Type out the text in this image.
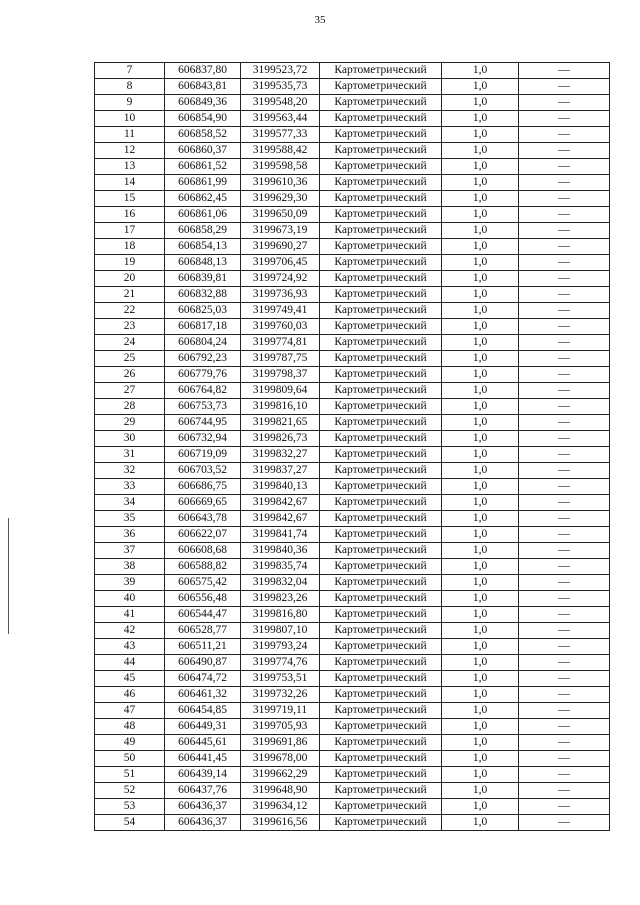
35
7	606837,80	3199523,72	Картометрический	1,0	—
8	606843,81	3199535,73	Картометрический	1,0	—
9	606849,36	3199548,20	Картометрический	1,0	—
10	606854,90	3199563,44	Картометрический	1,0	—
11	606858,52	3199577,33	Картометрический	1,0	—
12	606860,37	3199588,42	Картометрический	1,0	—
13	606861,52	3199598,58	Картометрический	1,0	—
14	606861,99	3199610,36	Картометрический	1,0	—
15	606862,45	3199629,30	Картометрический	1,0	—
16	606861,06	3199650,09	Картометрический	1,0	—
17	606858,29	3199673,19	Картометрический	1,0	—
18	606854,13	3199690,27	Картометрический	1,0	—
19	606848,13	3199706,45	Картометрический	1,0	—
20	606839,81	3199724,92	Картометрический	1,0	—
21	606832,88	3199736,93	Картометрический	1,0	—
22	606825,03	3199749,41	Картометрический	1,0	—
23	606817,18	3199760,03	Картометрический	1,0	—
24	606804,24	3199774,81	Картометрический	1,0	—
25	606792,23	3199787,75	Картометрический	1,0	—
26	606779,76	3199798,37	Картометрический	1,0	—
27	606764,82	3199809,64	Картометрический	1,0	—
28	606753,73	3199816,10	Картометрический	1,0	—
29	606744,95	3199821,65	Картометрический	1,0	—
30	606732,94	3199826,73	Картометрический	1,0	—
31	606719,09	3199832,27	Картометрический	1,0	—
32	606703,52	3199837,27	Картометрический	1,0	—
33	606686,75	3199840,13	Картометрический	1,0	—
34	606669,65	3199842,67	Картометрический	1,0	—
35	606643,78	3199842,67	Картометрический	1,0	—
36	606622,07	3199841,74	Картометрический	1,0	—
37	606608,68	3199840,36	Картометрический	1,0	—
38	606588,82	3199835,74	Картометрический	1,0	—
39	606575,42	3199832,04	Картометрический	1,0	—
40	606556,48	3199823,26	Картометрический	1,0	—
41	606544,47	3199816,80	Картометрический	1,0	—
42	606528,77	3199807,10	Картометрический	1,0	—
43	606511,21	3199793,24	Картометрический	1,0	—
44	606490,87	3199774,76	Картометрический	1,0	—
45	606474,72	3199753,51	Картометрический	1,0	—
46	606461,32	3199732,26	Картометрический	1,0	—
47	606454,85	3199719,11	Картометрический	1,0	—
48	606449,31	3199705,93	Картометрический	1,0	—
49	606445,61	3199691,86	Картометрический	1,0	—
50	606441,45	3199678,00	Картометрический	1,0	—
51	606439,14	3199662,29	Картометрический	1,0	—
52	606437,76	3199648,90	Картометрический	1,0	—
53	606436,37	3199634,12	Картометрический	1,0	—
54	606436,37	3199616,56	Картометрический	1,0	—
